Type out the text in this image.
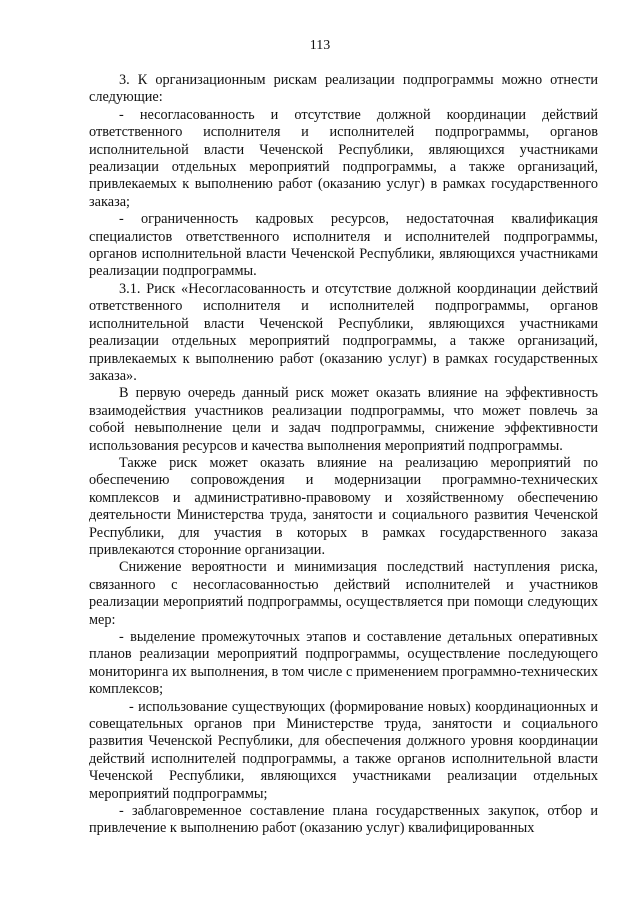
113

3. К организационным рискам реализации подпрограммы можно отнести следующие:

- несогласованность и отсутствие должной координации действий ответственного исполнителя и исполнителей подпрограммы, органов исполнительной власти Чеченской Республики, являющихся участниками реализации отдельных мероприятий подпрограммы, а также организаций, привлекаемых к выполнению работ (оказанию услуг) в рамках государственного заказа;

- ограниченность кадровых ресурсов, недостаточная квалификация специалистов ответственного исполнителя и исполнителей подпрограммы, органов исполнительной власти Чеченской Республики, являющихся участниками реализации подпрограммы.

3.1. Риск «Несогласованность и отсутствие должной координации действий ответственного исполнителя и исполнителей подпрограммы, органов исполнительной власти Чеченской Республики, являющихся участниками реализации отдельных мероприятий подпрограммы, а также организаций, привлекаемых к выполнению работ (оказанию услуг) в рамках государственных заказа».

В первую очередь данный риск может оказать влияние на эффективность взаимодействия участников реализации подпрограммы, что может повлечь за собой невыполнение цели и задач подпрограммы, снижение эффективности использования ресурсов и качества выполнения мероприятий подпрограммы.

Также риск может оказать влияние на реализацию мероприятий по обеспечению сопровождения и модернизации программно-технических комплексов и административно-правовому и хозяйственному обеспечению деятельности Министерства труда, занятости и социального развития Чеченской Республики, для участия в которых в рамках государственного заказа привлекаются сторонние организации.

Снижение вероятности и минимизация последствий наступления риска, связанного с несогласованностью действий исполнителей и участников реализации мероприятий подпрограммы, осуществляется при помощи следующих мер:

- выделение промежуточных этапов и составление детальных оперативных планов реализации мероприятий подпрограммы, осуществление последующего мониторинга их выполнения, в том числе с применением программно-технических комплексов;

- использование существующих (формирование новых) координационных и совещательных органов при Министерстве труда, занятости и социального развития Чеченской Республики, для обеспечения должного уровня координации действий исполнителей подпрограммы, а также органов исполнительной власти Чеченской Республики, являющихся участниками реализации отдельных мероприятий подпрограммы;

- заблаговременное составление плана государственных закупок, отбор и привлечение к выполнению работ (оказанию услуг) квалифицированных
